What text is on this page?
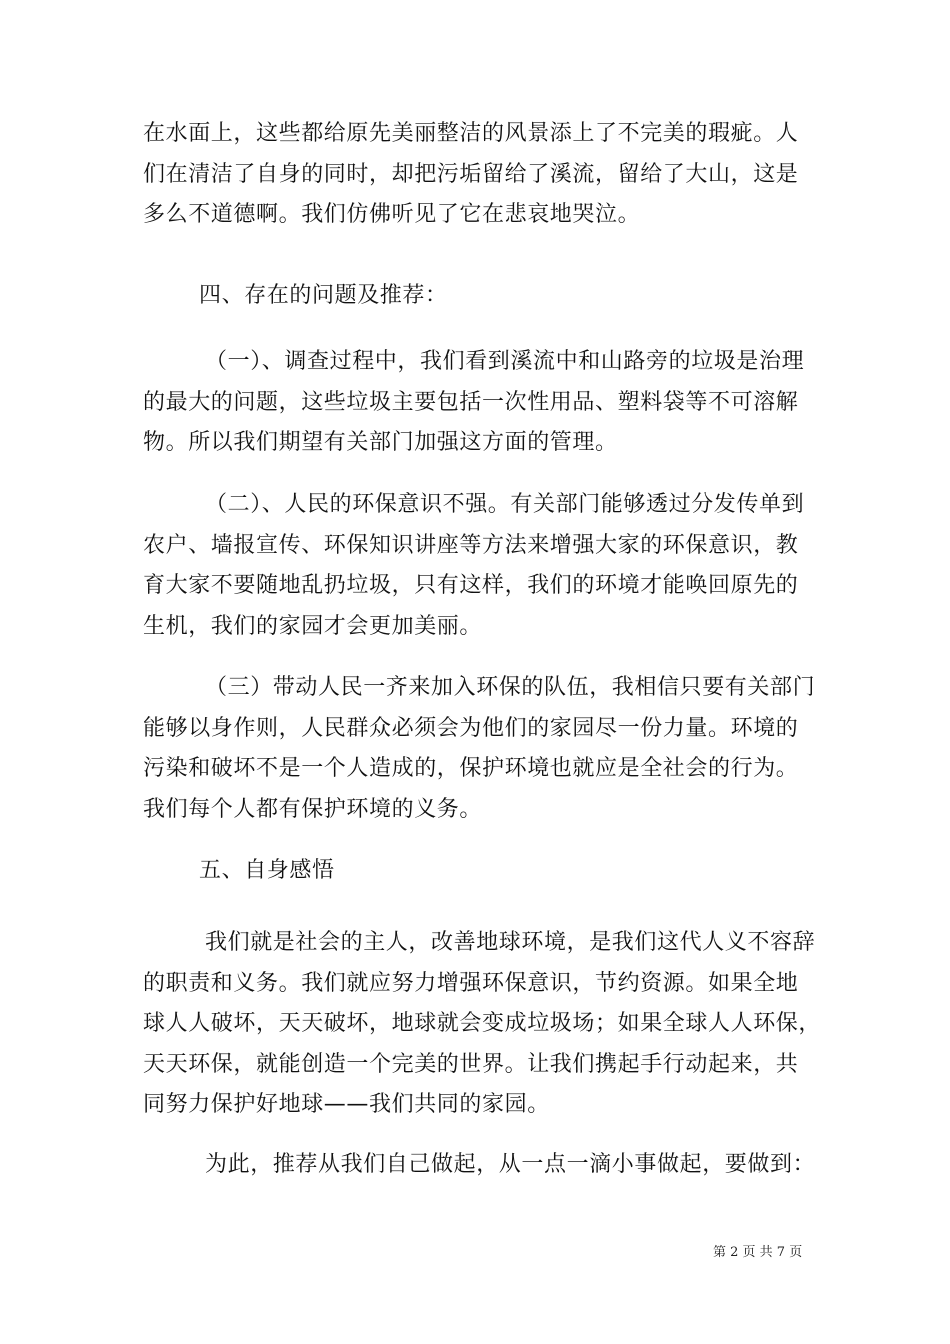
在水面上，这些都给原先美丽整洁的风景添上了不完美的瑕疵。人
们在清洁了自身的同时，却把污垢留给了溪流，留给了大山，这是
多么不道德啊。我们仿佛听见了它在悲哀地哭泣。

四、存在的问题及推荐：

（一）、调查过程中，我们看到溪流中和山路旁的垃圾是治理
的最大的问题，这些垃圾主要包括一次性用品、塑料袋等不可溶解
物。所以我们期望有关部门加强这方面的管理。

（二）、人民的环保意识不强。有关部门能够透过分发传单到
农户、墙报宣传、环保知识讲座等方法来增强大家的环保意识，教
育大家不要随地乱扔垃圾，只有这样，我们的环境才能唤回原先的
生机，我们的家园才会更加美丽。

（三）带动人民一齐来加入环保的队伍，我相信只要有关部门
能够以身作则，人民群众必须会为他们的家园尽一份力量。环境的
污染和破坏不是一个人造成的，保护环境也就应是全社会的行为。
我们每个人都有保护环境的义务。

五、自身感悟

我们就是社会的主人，改善地球环境，是我们这代人义不容辞
的职责和义务。我们就应努力增强环保意识，节约资源。如果全地
球人人破坏，天天破坏，地球就会变成垃圾场；如果全球人人环保，
天天环保，就能创造一个完美的世界。让我们携起手行动起来，共
同努力保护好地球——我们共同的家园。

为此，推荐从我们自己做起，从一点一滴小事做起，要做到：

第 2 页 共 7 页
